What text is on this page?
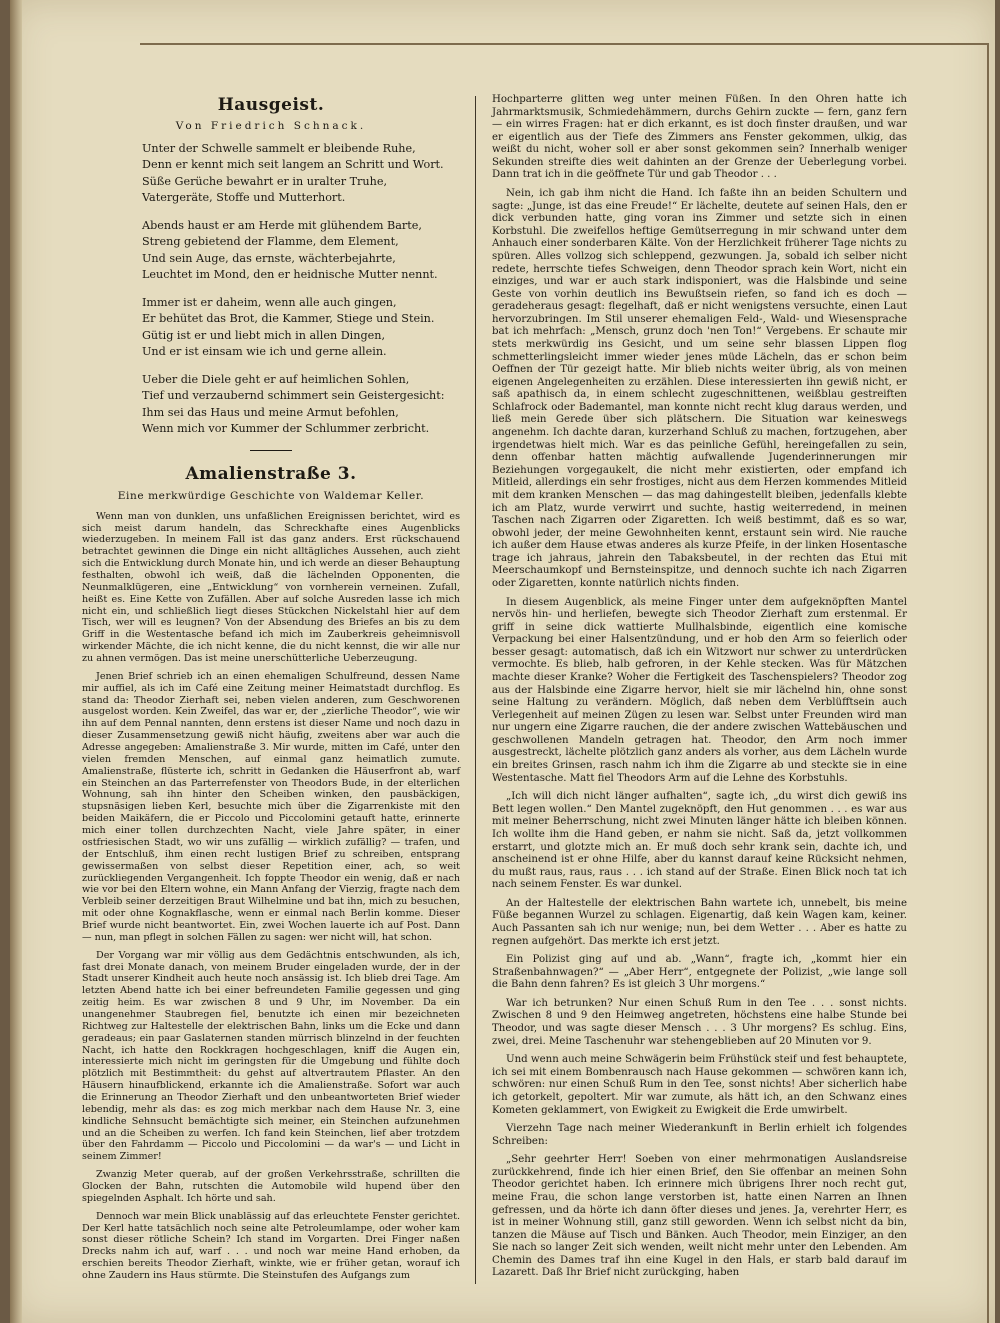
Hausgeist.
Von Friedrich Schnack.
Unter der Schwelle sammelt er bleibende Ruhe,
Denn er kennt mich seit langem an Schritt und Wort.
Süße Gerüche bewahrt er in uralter Truhe,
Vatergeräte, Stoffe und Mutterhort.
Abends haust er am Herde mit glühendem Barte,
Streng gebietend der Flamme, dem Element,
Und sein Auge, das ernste, wächterbejahrte,
Leuchtet im Mond, den er heidnische Mutter nennt.
Immer ist er daheim, wenn alle auch gingen,
Er behütet das Brot, die Kammer, Stiege und Stein.
Gütig ist er und liebt mich in allen Dingen,
Und er ist einsam wie ich und gerne allein.
Ueber die Diele geht er auf heimlichen Sohlen,
Tief und verzaubernd schimmert sein Geistergesicht:
Ihm sei das Haus und meine Armut befohlen,
Wenn mich vor Kummer der Schlummer zerbricht.
Amalienstraße 3.
Eine merkwürdige Geschichte von Waldemar Keller.

Wenn man von dunklen, uns unfaßlichen Ereignissen berichtet, wird es sich meist darum handeln, das Schreckhafte eines Augenblicks wiederzugeben. In meinem Fall ist das ganz anders. Erst rückschauend betrachtet gewinnen die Dinge ein nicht alltägliches Aussehen, auch zieht sich die Entwicklung durch Monate hin, und ich werde an dieser Behauptung festhalten, obwohl ich weiß, daß die lächelnden Opponenten, die Neunmalklügeren, eine „Entwicklung“ von vornherein verneinen. Zufall, heißt es. Eine Kette von Zufällen. Aber auf solche Ausreden lasse ich mich nicht ein, und schließlich liegt dieses Stückchen Nickelstahl hier auf dem Tisch, wer will es leugnen? Von der Absendung des Briefes an bis zu dem Griff in die Westentasche befand ich mich im Zauberkreis geheimnisvoll wirkender Mächte, die ich nicht kenne, die du nicht kennst, die wir alle nur zu ahnen vermögen. Das ist meine unerschütterliche Ueberzeugung.

Jenen Brief schrieb ich an einen ehemaligen Schulfreund, dessen Name mir auffiel, als ich im Café eine Zeitung meiner Heimatstadt durchflog. Es stand da: Theodor Zierhaft sei, neben vielen anderen, zum Geschworenen ausgelost worden. Kein Zweifel, das war er, der „zierliche Theodor“, wie wir ihn auf dem Pennal nannten, denn erstens ist dieser Name und noch dazu in dieser Zusammensetzung gewiß nicht häufig, zweitens aber war auch die Adresse angegeben: Amalienstraße 3. Mir wurde, mitten im Café, unter den vielen fremden Menschen, auf einmal ganz heimatlich zumute. Amalienstraße, flüsterte ich, schritt in Gedanken die Häuserfront ab, warf ein Steinchen an das Parterrefenster von Theodors Bude, in der elterlichen Wohnung, sah ihn hinter den Scheiben winken, den pausbäckigen, stupsnäsigen lieben Kerl, besuchte mich über die Zigarrenkiste mit den beiden Maikäfern, die er Piccolo und Piccolomini getauft hatte, erinnerte mich einer tollen durchzechten Nacht, viele Jahre später, in einer ostfriesischen Stadt, wo wir uns zufällig — wirklich zufällig? — trafen, und der Entschluß, ihm einen recht lustigen Brief zu schreiben, entsprang gewissermaßen von selbst dieser Repetition einer, ach, so weit zurückliegenden Vergangenheit. Ich foppte Theodor ein wenig, daß er nach wie vor bei den Eltern wohne, ein Mann Anfang der Vierzig, fragte nach dem Verbleib seiner derzeitigen Braut Wilhelmine und bat ihn, mich zu besuchen, mit oder ohne Kognakflasche, wenn er einmal nach Berlin komme. Dieser Brief wurde nicht beantwortet. Ein, zwei Wochen lauerte ich auf Post. Dann — nun, man pflegt in solchen Fällen zu sagen: wer nicht will, hat schon.

Der Vorgang war mir völlig aus dem Gedächtnis entschwunden, als ich, fast drei Monate danach, von meinem Bruder eingeladen wurde, der in der Stadt unserer Kindheit auch heute noch ansässig ist. Ich blieb drei Tage. Am letzten Abend hatte ich bei einer befreundeten Familie gegessen und ging zeitig heim. Es war zwischen 8 und 9 Uhr, im November. Da ein unangenehmer Staubregen fiel, benutzte ich einen mir bezeichneten Richtweg zur Haltestelle der elektrischen Bahn, links um die Ecke und dann geradeaus; ein paar Gaslaternen standen mürrisch blinzelnd in der feuchten Nacht, ich hatte den Rockkragen hochgeschlagen, kniff die Augen ein, interessierte mich nicht im geringsten für die Umgebung und fühlte doch plötzlich mit Bestimmtheit: du gehst auf altvertrautem Pflaster. An den Häusern hinaufblickend, erkannte ich die Amalienstraße. Sofort war auch die Erinnerung an Theodor Zierhaft und den unbeantworteten Brief wieder lebendig, mehr als das: es zog mich merkbar nach dem Hause Nr. 3, eine kindliche Sehnsucht bemächtigte sich meiner, ein Steinchen aufzunehmen und an die Scheiben zu werfen. Ich fand kein Steinchen, lief aber trotzdem über den Fahrdamm — Piccolo und Piccolomini — da war's — und Licht in seinem Zimmer!

Zwanzig Meter querab, auf der großen Verkehrsstraße, schrillten die Glocken der Bahn, rutschten die Automobile wild hupend über den spiegelnden Asphalt. Ich hörte und sah.

Dennoch war mein Blick unablässig auf das erleuchtete Fenster gerichtet. Der Kerl hatte tatsächlich noch seine alte Petroleumlampe, oder woher kam sonst dieser rötliche Schein? Ich stand im Vorgarten. Drei Finger naßen Drecks nahm ich auf, warf . . . und noch war meine Hand erhoben, da erschien bereits Theodor Zierhaft, winkte, wie er früher getan, worauf ich ohne Zaudern ins Haus stürmte. Die Steinstufen des Aufgangs zum

Hochparterre glitten weg unter meinen Füßen. In den Ohren hatte ich Jahrmarktsmusik, Schmiedehämmern, durchs Gehirn zuckte — fern, ganz fern — ein wirres Fragen: hat er dich erkannt, es ist doch finster draußen, und war er eigentlich aus der Tiefe des Zimmers ans Fenster gekommen, ulkig, das weißt du nicht, woher soll er aber sonst gekommen sein? Innerhalb weniger Sekunden streifte dies weit dahinten an der Grenze der Ueberlegung vorbei. Dann trat ich in die geöffnete Tür und gab Theodor . . .

Nein, ich gab ihm nicht die Hand. Ich faßte ihn an beiden Schultern und sagte: „Junge, ist das eine Freude!“ Er lächelte, deutete auf seinen Hals, den er dick verbunden hatte, ging voran ins Zimmer und setzte sich in einen Korbstuhl. Die zweifellos heftige Gemütserregung in mir schwand unter dem Anhauch einer sonderbaren Kälte. Von der Herzlichkeit früherer Tage nichts zu spüren. Alles vollzog sich schleppend, gezwungen. Ja, sobald ich selber nicht redete, herrschte tiefes Schweigen, denn Theodor sprach kein Wort, nicht ein einziges, und war er auch stark indisponiert, was die Halsbinde und seine Geste von vorhin deutlich ins Bewußtsein riefen, so fand ich es doch — geradeheraus gesagt: flegelhaft, daß er nicht wenigstens versuchte, einen Laut hervorzubringen. Im Stil unserer ehemaligen Feld-, Wald- und Wiesensprache bat ich mehrfach: „Mensch, grunz doch 'nen Ton!“ Vergebens. Er schaute mir stets merkwürdig ins Gesicht, und um seine sehr blassen Lippen flog schmetterlingsleicht immer wieder jenes müde Lächeln, das er schon beim Oeffnen der Tür gezeigt hatte. Mir blieb nichts weiter übrig, als von meinen eigenen Angelegenheiten zu erzählen. Diese interessierten ihn gewiß nicht, er saß apathisch da, in einem schlecht zugeschnittenen, weißblau gestreiften Schlafrock oder Bademantel, man konnte nicht recht klug daraus werden, und ließ mein Gerede über sich plätschern. Die Situation war keineswegs angenehm. Ich dachte daran, kurzerhand Schluß zu machen, fortzugehen, aber irgendetwas hielt mich. War es das peinliche Gefühl, hereingefallen zu sein, denn offenbar hatten mächtig aufwallende Jugenderinnerungen mir Beziehungen vorgegaukelt, die nicht mehr existierten, oder empfand ich Mitleid, allerdings ein sehr frostiges, nicht aus dem Herzen kommendes Mitleid mit dem kranken Menschen — das mag dahingestellt bleiben, jedenfalls klebte ich am Platz, wurde verwirrt und suchte, hastig weiterredend, in meinen Taschen nach Zigarren oder Zigaretten. Ich weiß bestimmt, daß es so war, obwohl jeder, der meine Gewohnheiten kennt, erstaunt sein wird. Nie rauche ich außer dem Hause etwas anderes als kurze Pfeife, in der linken Hosentasche trage ich jahraus, jahrein den Tabaksbeutel, in der rechten das Etui mit Meerschaumkopf und Bernsteinspitze, und dennoch suchte ich nach Zigarren oder Zigaretten, konnte natürlich nichts finden.

In diesem Augenblick, als meine Finger unter dem aufgeknöpften Mantel nervös hin- und herliefen, bewegte sich Theodor Zierhaft zum erstenmal. Er griff in seine dick wattierte Mullhalsbinde, eigentlich eine komische Verpackung bei einer Halsentzündung, und er hob den Arm so feierlich oder besser gesagt: automatisch, daß ich ein Witzwort nur schwer zu unterdrücken vermochte. Es blieb, halb gefroren, in der Kehle stecken. Was für Mätzchen machte dieser Kranke? Woher die Fertigkeit des Taschenspielers? Theodor zog aus der Halsbinde eine Zigarre hervor, hielt sie mir lächelnd hin, ohne sonst seine Haltung zu verändern. Möglich, daß neben dem Verblüfftsein auch Verlegenheit auf meinen Zügen zu lesen war. Selbst unter Freunden wird man nur ungern eine Zigarre rauchen, die der andere zwischen Wattebäuschen und geschwollenen Mandeln getragen hat. Theodor, den Arm noch immer ausgestreckt, lächelte plötzlich ganz anders als vorher, aus dem Lächeln wurde ein breites Grinsen, rasch nahm ich ihm die Zigarre ab und steckte sie in eine Westentasche. Matt fiel Theodors Arm auf die Lehne des Korbstuhls.

„Ich will dich nicht länger aufhalten“, sagte ich, „du wirst dich gewiß ins Bett legen wollen.“ Den Mantel zugeknöpft, den Hut genommen . . . es war aus mit meiner Beherrschung, nicht zwei Minuten länger hätte ich bleiben können. Ich wollte ihm die Hand geben, er nahm sie nicht. Saß da, jetzt vollkommen erstarrt, und glotzte mich an. Er muß doch sehr krank sein, dachte ich, und anscheinend ist er ohne Hilfe, aber du kannst darauf keine Rücksicht nehmen, du mußt raus, raus, raus . . . ich stand auf der Straße. Einen Blick noch tat ich nach seinem Fenster. Es war dunkel.

An der Haltestelle der elektrischen Bahn wartete ich, unnebelt, bis meine Füße begannen Wurzel zu schlagen. Eigenartig, daß kein Wagen kam, keiner. Auch Passanten sah ich nur wenige; nun, bei dem Wetter . . . Aber es hatte zu regnen aufgehört. Das merkte ich erst jetzt.

Ein Polizist ging auf und ab. „Wann“, fragte ich, „kommt hier ein Straßenbahnwagen?“ — „Aber Herr“, entgegnete der Polizist, „wie lange soll die Bahn denn fahren? Es ist gleich 3 Uhr morgens.“

War ich betrunken? Nur einen Schuß Rum in den Tee . . . sonst nichts. Zwischen 8 und 9 den Heimweg angetreten, höchstens eine halbe Stunde bei Theodor, und was sagte dieser Mensch . . . 3 Uhr morgens? Es schlug. Eins, zwei, drei. Meine Taschenuhr war stehengeblieben auf 20 Minuten vor 9.

Und wenn auch meine Schwägerin beim Frühstück steif und fest behauptete, ich sei mit einem Bombenrausch nach Hause gekommen — schwören kann ich, schwören: nur einen Schuß Rum in den Tee, sonst nichts! Aber sicherlich habe ich getorkelt, gepoltert. Mir war zumute, als hätt ich, an den Schwanz eines Kometen geklammert, von Ewigkeit zu Ewigkeit die Erde umwirbelt.

Vierzehn Tage nach meiner Wiederankunft in Berlin erhielt ich folgendes Schreiben:

„Sehr geehrter Herr! Soeben von einer mehrmonatigen Auslandsreise zurückkehrend, finde ich hier einen Brief, den Sie offenbar an meinen Sohn Theodor gerichtet haben. Ich erinnere mich übrigens Ihrer noch recht gut, meine Frau, die schon lange verstorben ist, hatte einen Narren an Ihnen gefressen, und da hörte ich dann öfter dieses und jenes. Ja, verehrter Herr, es ist in meiner Wohnung still, ganz still geworden. Wenn ich selbst nicht da bin, tanzen die Mäuse auf Tisch und Bänken. Auch Theodor, mein Einziger, an den Sie nach so langer Zeit sich wenden, weilt nicht mehr unter den Lebenden. Am Chemin des Dames traf ihn eine Kugel in den Hals, er starb bald darauf im Lazarett. Daß Ihr Brief nicht zurückging, haben
